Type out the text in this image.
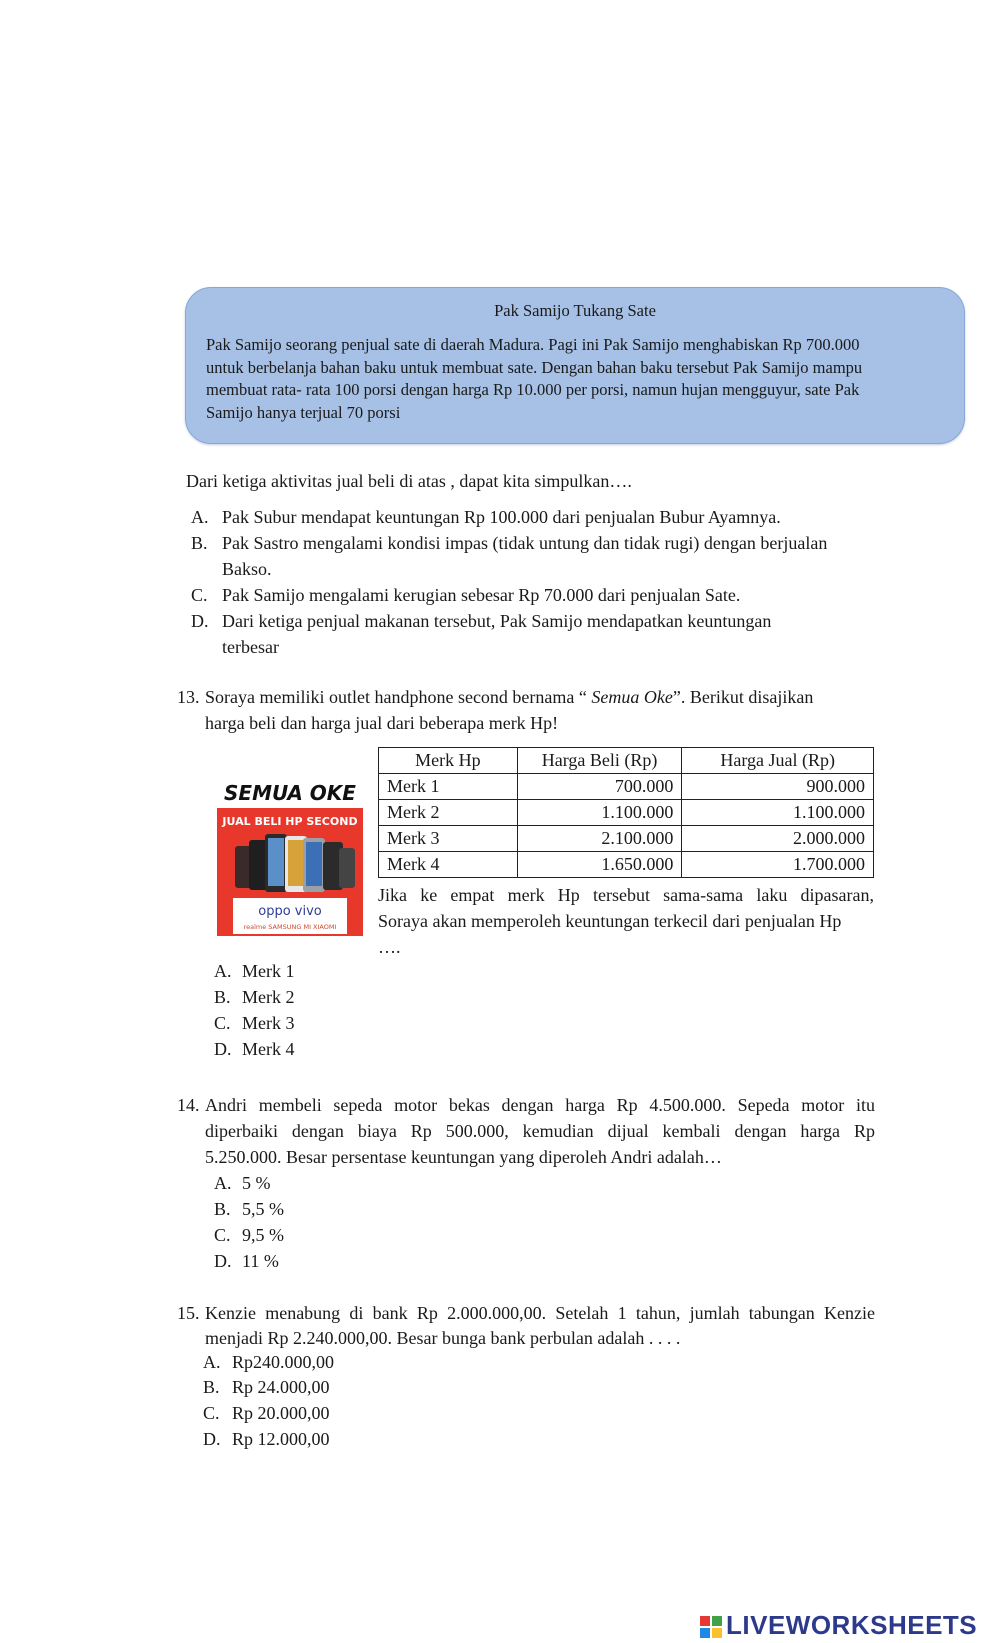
Pak Samijo Tukang Sate
Pak Samijo seorang penjual sate di daerah Madura. Pagi ini Pak Samijo menghabiskan Rp 700.000
untuk berbelanja bahan baku untuk membuat sate. Dengan bahan baku tersebut Pak Samijo mampu
membuat rata- rata 100 porsi dengan harga Rp 10.000 per porsi, namun hujan mengguyur, sate Pak
Samijo hanya terjual 70 porsi
Dari ketiga aktivitas jual beli di atas , dapat kita simpulkan….
A. Pak Subur mendapat keuntungan Rp 100.000 dari penjualan Bubur Ayamnya.
B. Pak Sastro mengalami kondisi impas (tidak untung dan tidak rugi) dengan berjualan
Bakso.
C. Pak Samijo mengalami kerugian sebesar Rp 70.000 dari penjualan Sate.
D. Dari ketiga penjual makanan tersebut, Pak Samijo mendapatkan keuntungan
terbesar
13. Soraya memiliki outlet handphone second bernama “ Semua Oke”. Berikut disajikan
harga beli dan harga jual dari beberapa merk Hp!
SEMUA OKE
JUAL BELI HP SECOND
oppo vivo
realme SAMSUNG MI XIAOMI
Merk Hp	Harga Beli (Rp)	Harga Jual (Rp)
Merk 1	700.000	900.000
Merk 2	1.100.000	1.100.000
Merk 3	2.100.000	2.000.000
Merk 4	1.650.000	1.700.000
Jika ke empat merk Hp tersebut sama-sama laku dipasaran,
Soraya akan memperoleh keuntungan terkecil dari penjualan Hp
….
A. Merk 1
B. Merk 2
C. Merk 3
D. Merk 4
14. Andri membeli sepeda motor bekas dengan harga Rp 4.500.000. Sepeda motor itu
diperbaiki dengan biaya Rp 500.000, kemudian dijual kembali dengan harga Rp
5.250.000. Besar persentase keuntungan yang diperoleh Andri adalah…
A. 5 %
B. 5,5 %
C. 9,5 %
D. 11 %
15. Kenzie menabung di bank Rp 2.000.000,00. Setelah 1 tahun, jumlah tabungan Kenzie
menjadi Rp 2.240.000,00. Besar bunga bank perbulan adalah . . . .
A. Rp240.000,00
B. Rp 24.000,00
C. Rp 20.000,00
D. Rp 12.000,00
LIVEWORKSHEETS
